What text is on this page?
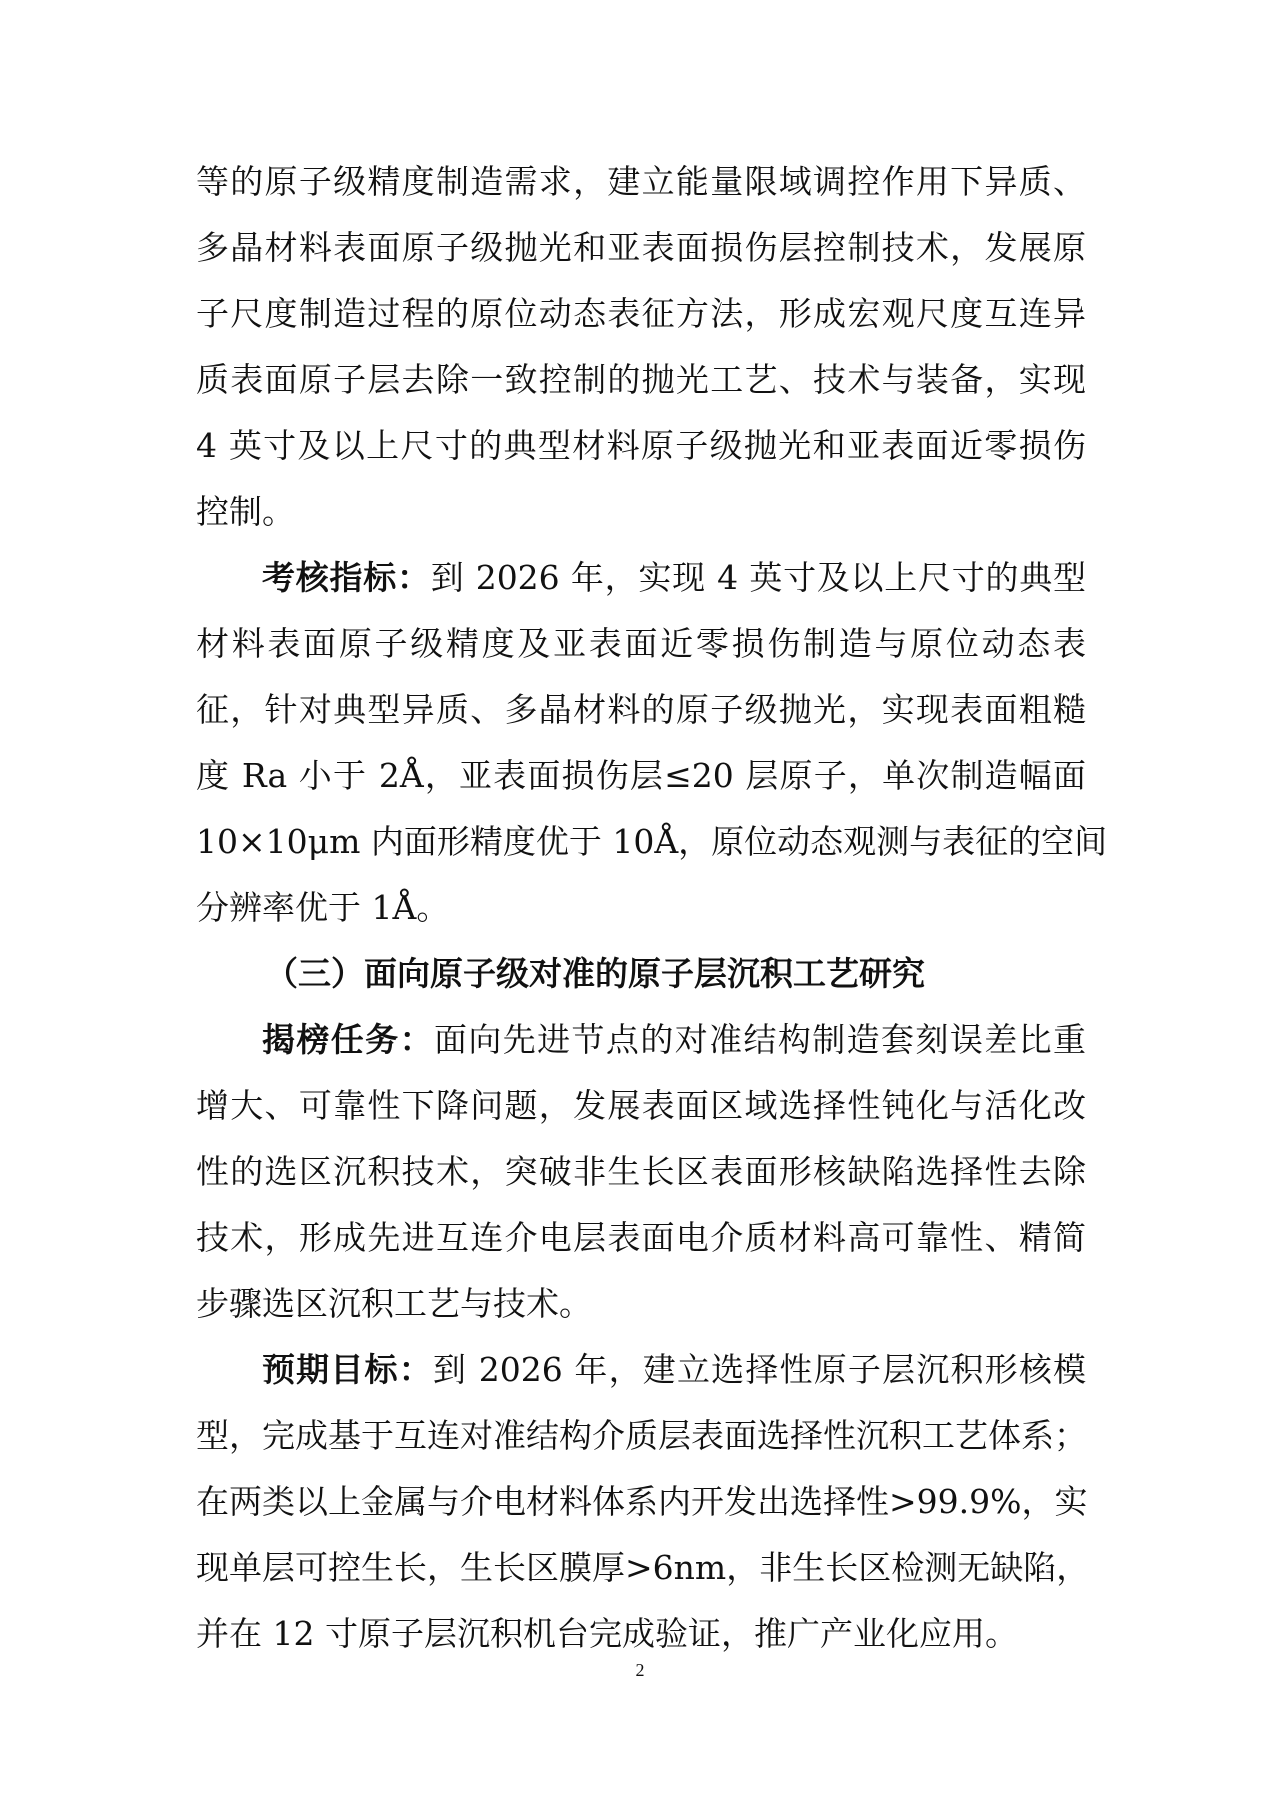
等的原子级精度制造需求，建立能量限域调控作用下异质、
多晶材料表面原子级抛光和亚表面损伤层控制技术，发展原
子尺度制造过程的原位动态表征方法，形成宏观尺度互连异
质表面原子层去除一致控制的抛光工艺、技术与装备，实现
4 英寸及以上尺寸的典型材料原子级抛光和亚表面近零损伤
控制。
考核指标：到 2026 年，实现 4 英寸及以上尺寸的典型
材料表面原子级精度及亚表面近零损伤制造与原位动态表
征，针对典型异质、多晶材料的原子级抛光，实现表面粗糙
度 Ra 小于 2Å，亚表面损伤层≤20 层原子，单次制造幅面
10×10μm 内面形精度优于 10Å，原位动态观测与表征的空间
分辨率优于 1Å。
（三）面向原子级对准的原子层沉积工艺研究
揭榜任务：面向先进节点的对准结构制造套刻误差比重
增大、可靠性下降问题，发展表面区域选择性钝化与活化改
性的选区沉积技术，突破非生长区表面形核缺陷选择性去除
技术，形成先进互连介电层表面电介质材料高可靠性、精简
步骤选区沉积工艺与技术。
预期目标：到 2026 年，建立选择性原子层沉积形核模
型，完成基于互连对准结构介质层表面选择性沉积工艺体系；
在两类以上金属与介电材料体系内开发出选择性>99.9%，实
现单层可控生长，生长区膜厚>6nm，非生长区检测无缺陷，
并在 12 寸原子层沉积机台完成验证，推广产业化应用。
2
